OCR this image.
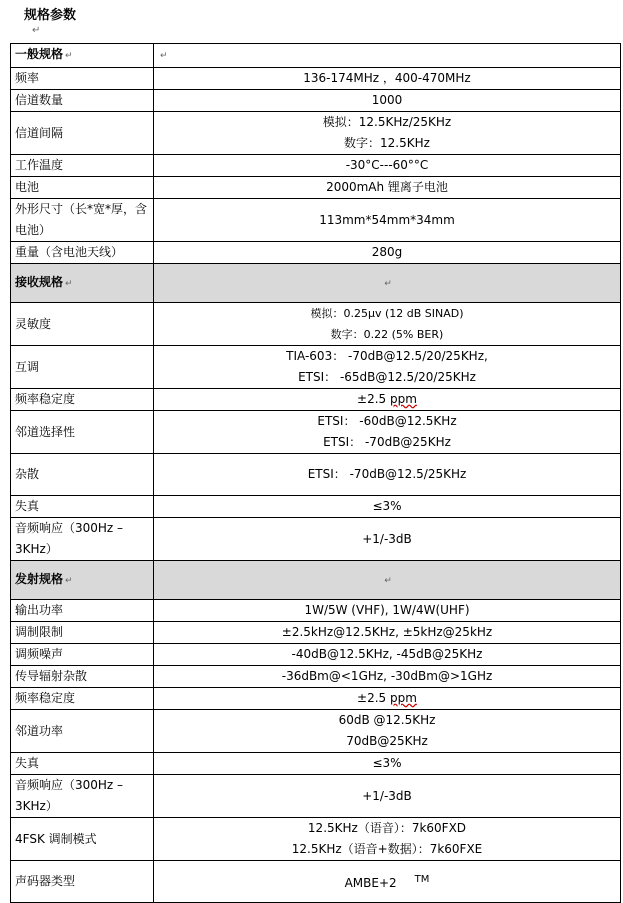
规格参数
↵
一般规格 ↵	↵
频率	136-174MHz ，400-470MHz
信道数量	1000
信道间隔	模拟：12.5KHz/25KHz
数字：12.5KHz

工作温度	-30°C---60°°C
电池	2000mAh 锂离子电池
外形尺寸（长*宽*厚，含电池）	113mm*54mm*34mm
重量（含电池天线）	280g
接收规格 ↵	↵
灵敏度	模拟：0.25μv (12 dB SINAD)
数字：0.22 (5% BER)

互调	TIA-603： -70dB@12.5/20/25KHz,
ETSI： -65dB@12.5/20/25KHz

频率稳定度	±2.5 ppm
邻道选择性	ETSI： -60dB@12.5KHz
ETSI： -70dB@25KHz

杂散	ETSI： -70dB@12.5/25KHz
失真	≤3%
音频响应（300Hz – 3KHz）	+1/-3dB
发射规格 ↵	↵
输出功率	1W/5W (VHF), 1W/4W(UHF)
调制限制	±2.5kHz@12.5KHz, ±5kHz@25kHz
调频噪声	-40dB@12.5KHz, -45dB@25KHz
传导辐射杂散	-36dBm@<1GHz, -30dBm@>1GHz
频率稳定度	±2.5 ppm
邻道功率	60dB @12.5KHz
70dB@25KHz

失真	≤3%
音频响应（300Hz – 3KHz）	+1/-3dB
4FSK 调制模式	12.5KHz（语音）：7k60FXD
12.5KHz（语音+数据）：7k60FXE

声码器类型	AMBE+2 ™
